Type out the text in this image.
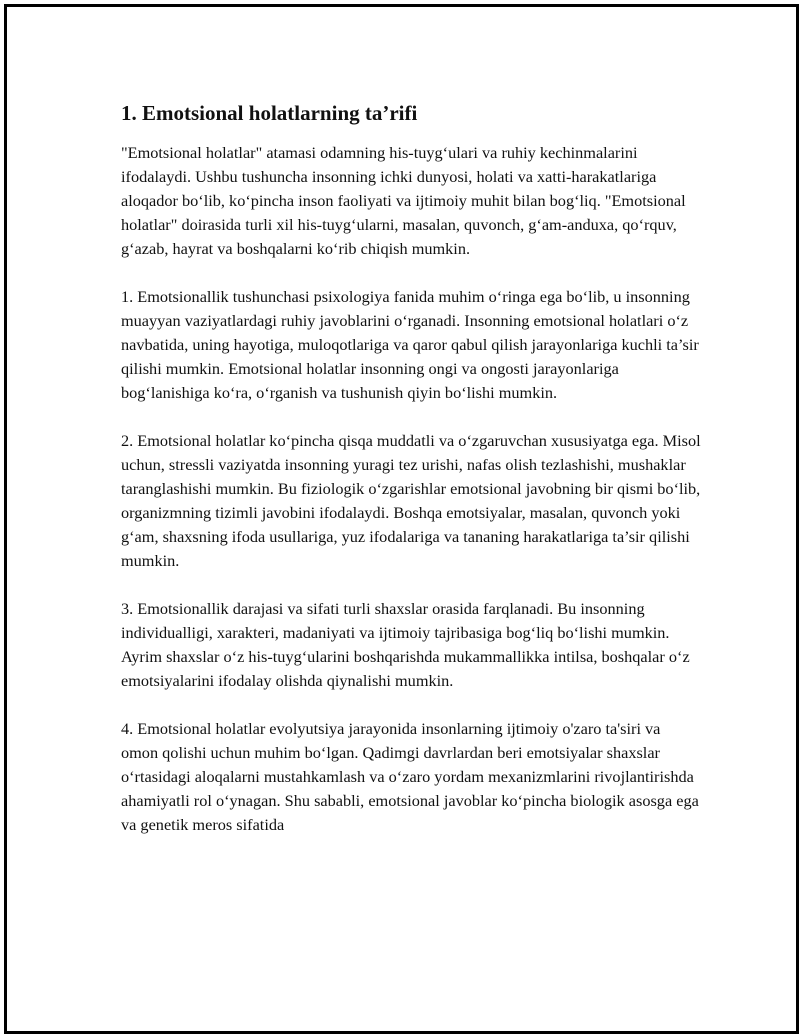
1. Emotsional holatlarning ta’rifi

"Emotsional holatlar" atamasi odamning his-tuyg‘ulari va ruhiy kechinmalarini ifodalaydi. Ushbu tushuncha insonning ichki dunyosi, holati va xatti-harakatlariga aloqador bo‘lib, ko‘pincha inson faoliyati va ijtimoiy muhit bilan bog‘liq. "Emotsional holatlar" doirasida turli xil his-tuyg‘ularni, masalan, quvonch, g‘am-anduxa, qo‘rquv, g‘azab, hayrat va boshqalarni ko‘rib chiqish mumkin.

1. Emotsionallik tushunchasi psixologiya fanida muhim o‘ringa ega bo‘lib, u insonning muayyan vaziyatlardagi ruhiy javoblarini o‘rganadi. Insonning emotsional holatlari o‘z navbatida, uning hayotiga, muloqotlariga va qaror qabul qilish jarayonlariga kuchli ta’sir qilishi mumkin. Emotsional holatlar insonning ongi va ongosti jarayonlariga bog‘lanishiga ko‘ra, o‘rganish va tushunish qiyin bo‘lishi mumkin.

2. Emotsional holatlar ko‘pincha qisqa muddatli va o‘zgaruvchan xususiyatga ega. Misol uchun, stressli vaziyatda insonning yuragi tez urishi, nafas olish tezlashishi, mushaklar taranglashishi mumkin. Bu fiziologik o‘zgarishlar emotsional javobning bir qismi bo‘lib, organizmning tizimli javobini ifodalaydi. Boshqa emotsiyalar, masalan, quvonch yoki g‘am, shaxsning ifoda usullariga, yuz ifodalariga va tananing harakatlariga ta’sir qilishi mumkin.

3. Emotsionallik darajasi va sifati turli shaxslar orasida farqlanadi. Bu insonning individualligi, xarakteri, madaniyati va ijtimoiy tajribasiga bog‘liq bo‘lishi mumkin. Ayrim shaxslar o‘z his-tuyg‘ularini boshqarishda mukammallikka intilsa, boshqalar o‘z emotsiyalarini ifodalay olishda qiynalishi mumkin.

4. Emotsional holatlar evolyutsiya jarayonida insonlarning ijtimoiy o'zaro ta'siri va omon qolishi uchun muhim bo‘lgan. Qadimgi davrlardan beri emotsiyalar shaxslar o‘rtasidagi aloqalarni mustahkamlash va o‘zaro yordam mexanizmlarini rivojlantirishda ahamiyatli rol o‘ynagan. Shu sababli, emotsional javoblar ko‘pincha biologik asosga ega va genetik meros sifatida
